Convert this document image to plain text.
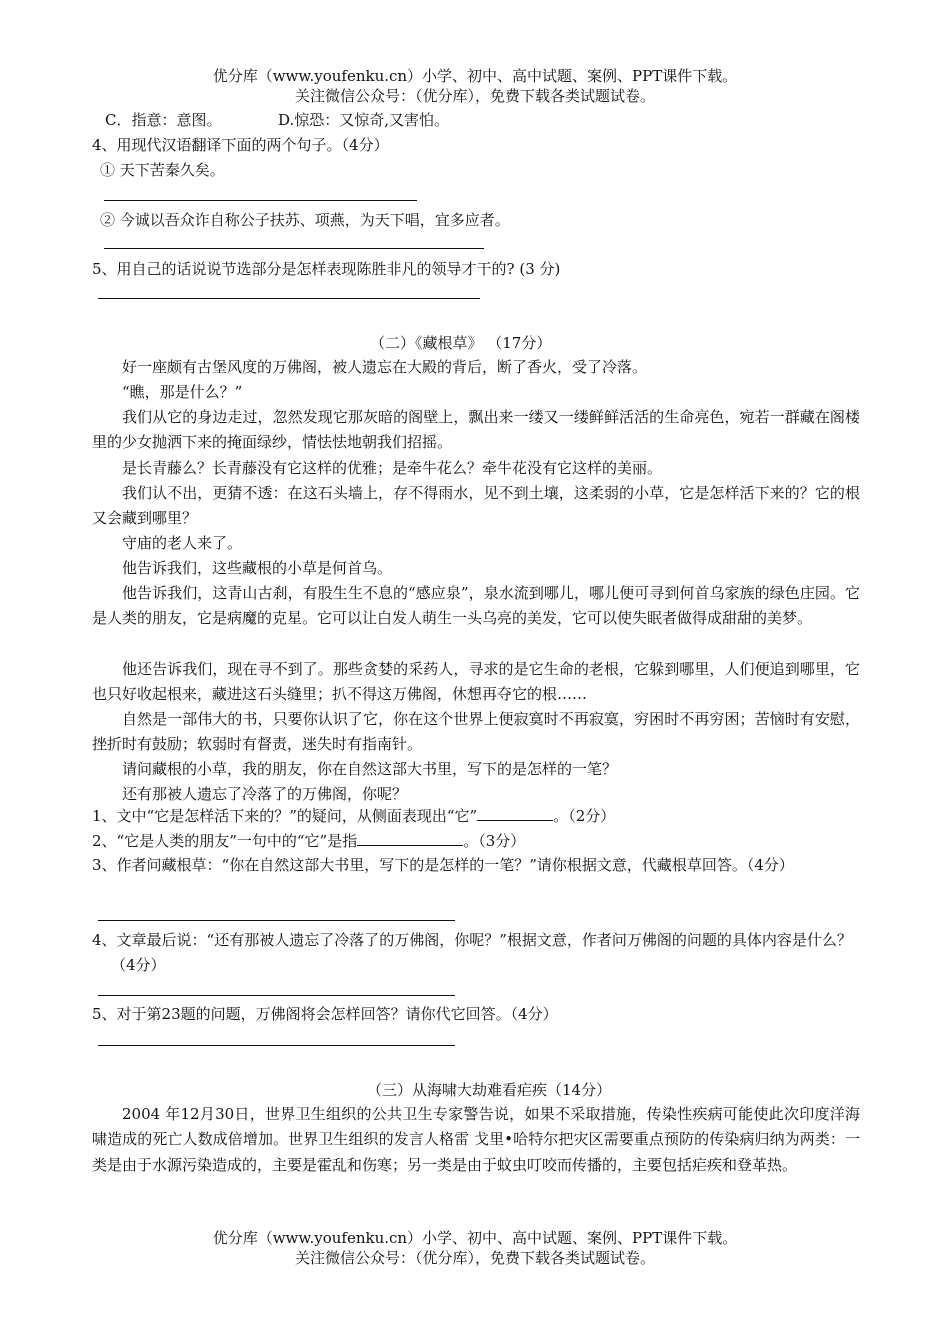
优分库（www.youfenku.cn）小学、初中、高中试题、案例、PPT课件下载。
关注微信公众号：（优分库），免费下载各类试题试卷。
C．指意：意图。	D.惊恐：又惊奇,又害怕。
4、用现代汉语翻译下面的两个句子。（4分）
① 天下苦秦久矣。
② 今诚以吾众诈自称公子扶苏、项燕，为天下唱，宜多应者。
5、用自己的话说说节选部分是怎样表现陈胜非凡的领导才干的? (3 分)
（二）《藏根草》 （17分）
好一座颇有古堡风度的万佛阁，被人遗忘在大殿的背后，断了香火，受了冷落。
“瞧，那是什么？”
我们从它的身边走过，忽然发现它那灰暗的阁壁上，飘出来一缕又一缕鲜鲜活活的生命亮色，宛若一群藏在阁楼里的少女抛洒下来的掩面绿纱，情怯怯地朝我们招摇。
是长青藤么？长青藤没有它这样的优雅；是牵牛花么？牵牛花没有它这样的美丽。
我们认不出，更猜不透：在这石头墙上，存不得雨水，见不到土壤，这柔弱的小草，它是怎样活下来的？它的根又会藏到哪里？
守庙的老人来了。
他告诉我们，这些藏根的小草是何首乌。
他告诉我们，这青山古刹，有股生生不息的“感应泉”，泉水流到哪儿，哪儿便可寻到何首乌家族的绿色庄园。它是人类的朋友，它是病魔的克星。它可以让白发人萌生一头乌亮的美发，它可以使失眠者做得成甜甜的美梦。
他还告诉我们，现在寻不到了。那些贪婪的采药人，寻求的是它生命的老根，它躲到哪里，人们便追到哪里，它也只好收起根来，藏进这石头缝里；扒不得这万佛阁，休想再夺它的根……
自然是一部伟大的书，只要你认识了它，你在这个世界上便寂寞时不再寂寞，穷困时不再穷困；苦恼时有安慰，挫折时有鼓励；软弱时有督责，迷失时有指南针。
请问藏根的小草，我的朋友，你在自然这部大书里，写下的是怎样的一笔？
还有那被人遗忘了冷落了的万佛阁，你呢？
1、文中“它是怎样活下来的？”的疑问，从侧面表现出“它”	。（2分）
2、“它是人类的朋友”一句中的“它”是指	。（3分）
3、作者问藏根草：“你在自然这部大书里，写下的是怎样的一笔？”请你根据文意，代藏根草回答。（4分）
4、文章最后说：“还有那被人遗忘了冷落了的万佛阁，你呢？”根据文意，作者问万佛阁的问题的具体内容是什么？（4分）
5、对于第23题的问题，万佛阁将会怎样回答？请你代它回答。（4分）
（三）从海啸大劫难看疟疾（14分）
2004 年12月30日，世界卫生组织的公共卫生专家警告说，如果不采取措施，传染性疾病可能使此次印度洋海啸造成的死亡人数成倍增加。世界卫生组织的发言人格雷 戈里•哈特尔把灾区需要重点预防的传染病归纳为两类：一类是由于水源污染造成的，主要是霍乱和伤寒；另一类是由于蚊虫叮咬而传播的，主要包括疟疾和登革热。
优分库（www.youfenku.cn）小学、初中、高中试题、案例、PPT课件下载。
关注微信公众号：（优分库），免费下载各类试题试卷。
